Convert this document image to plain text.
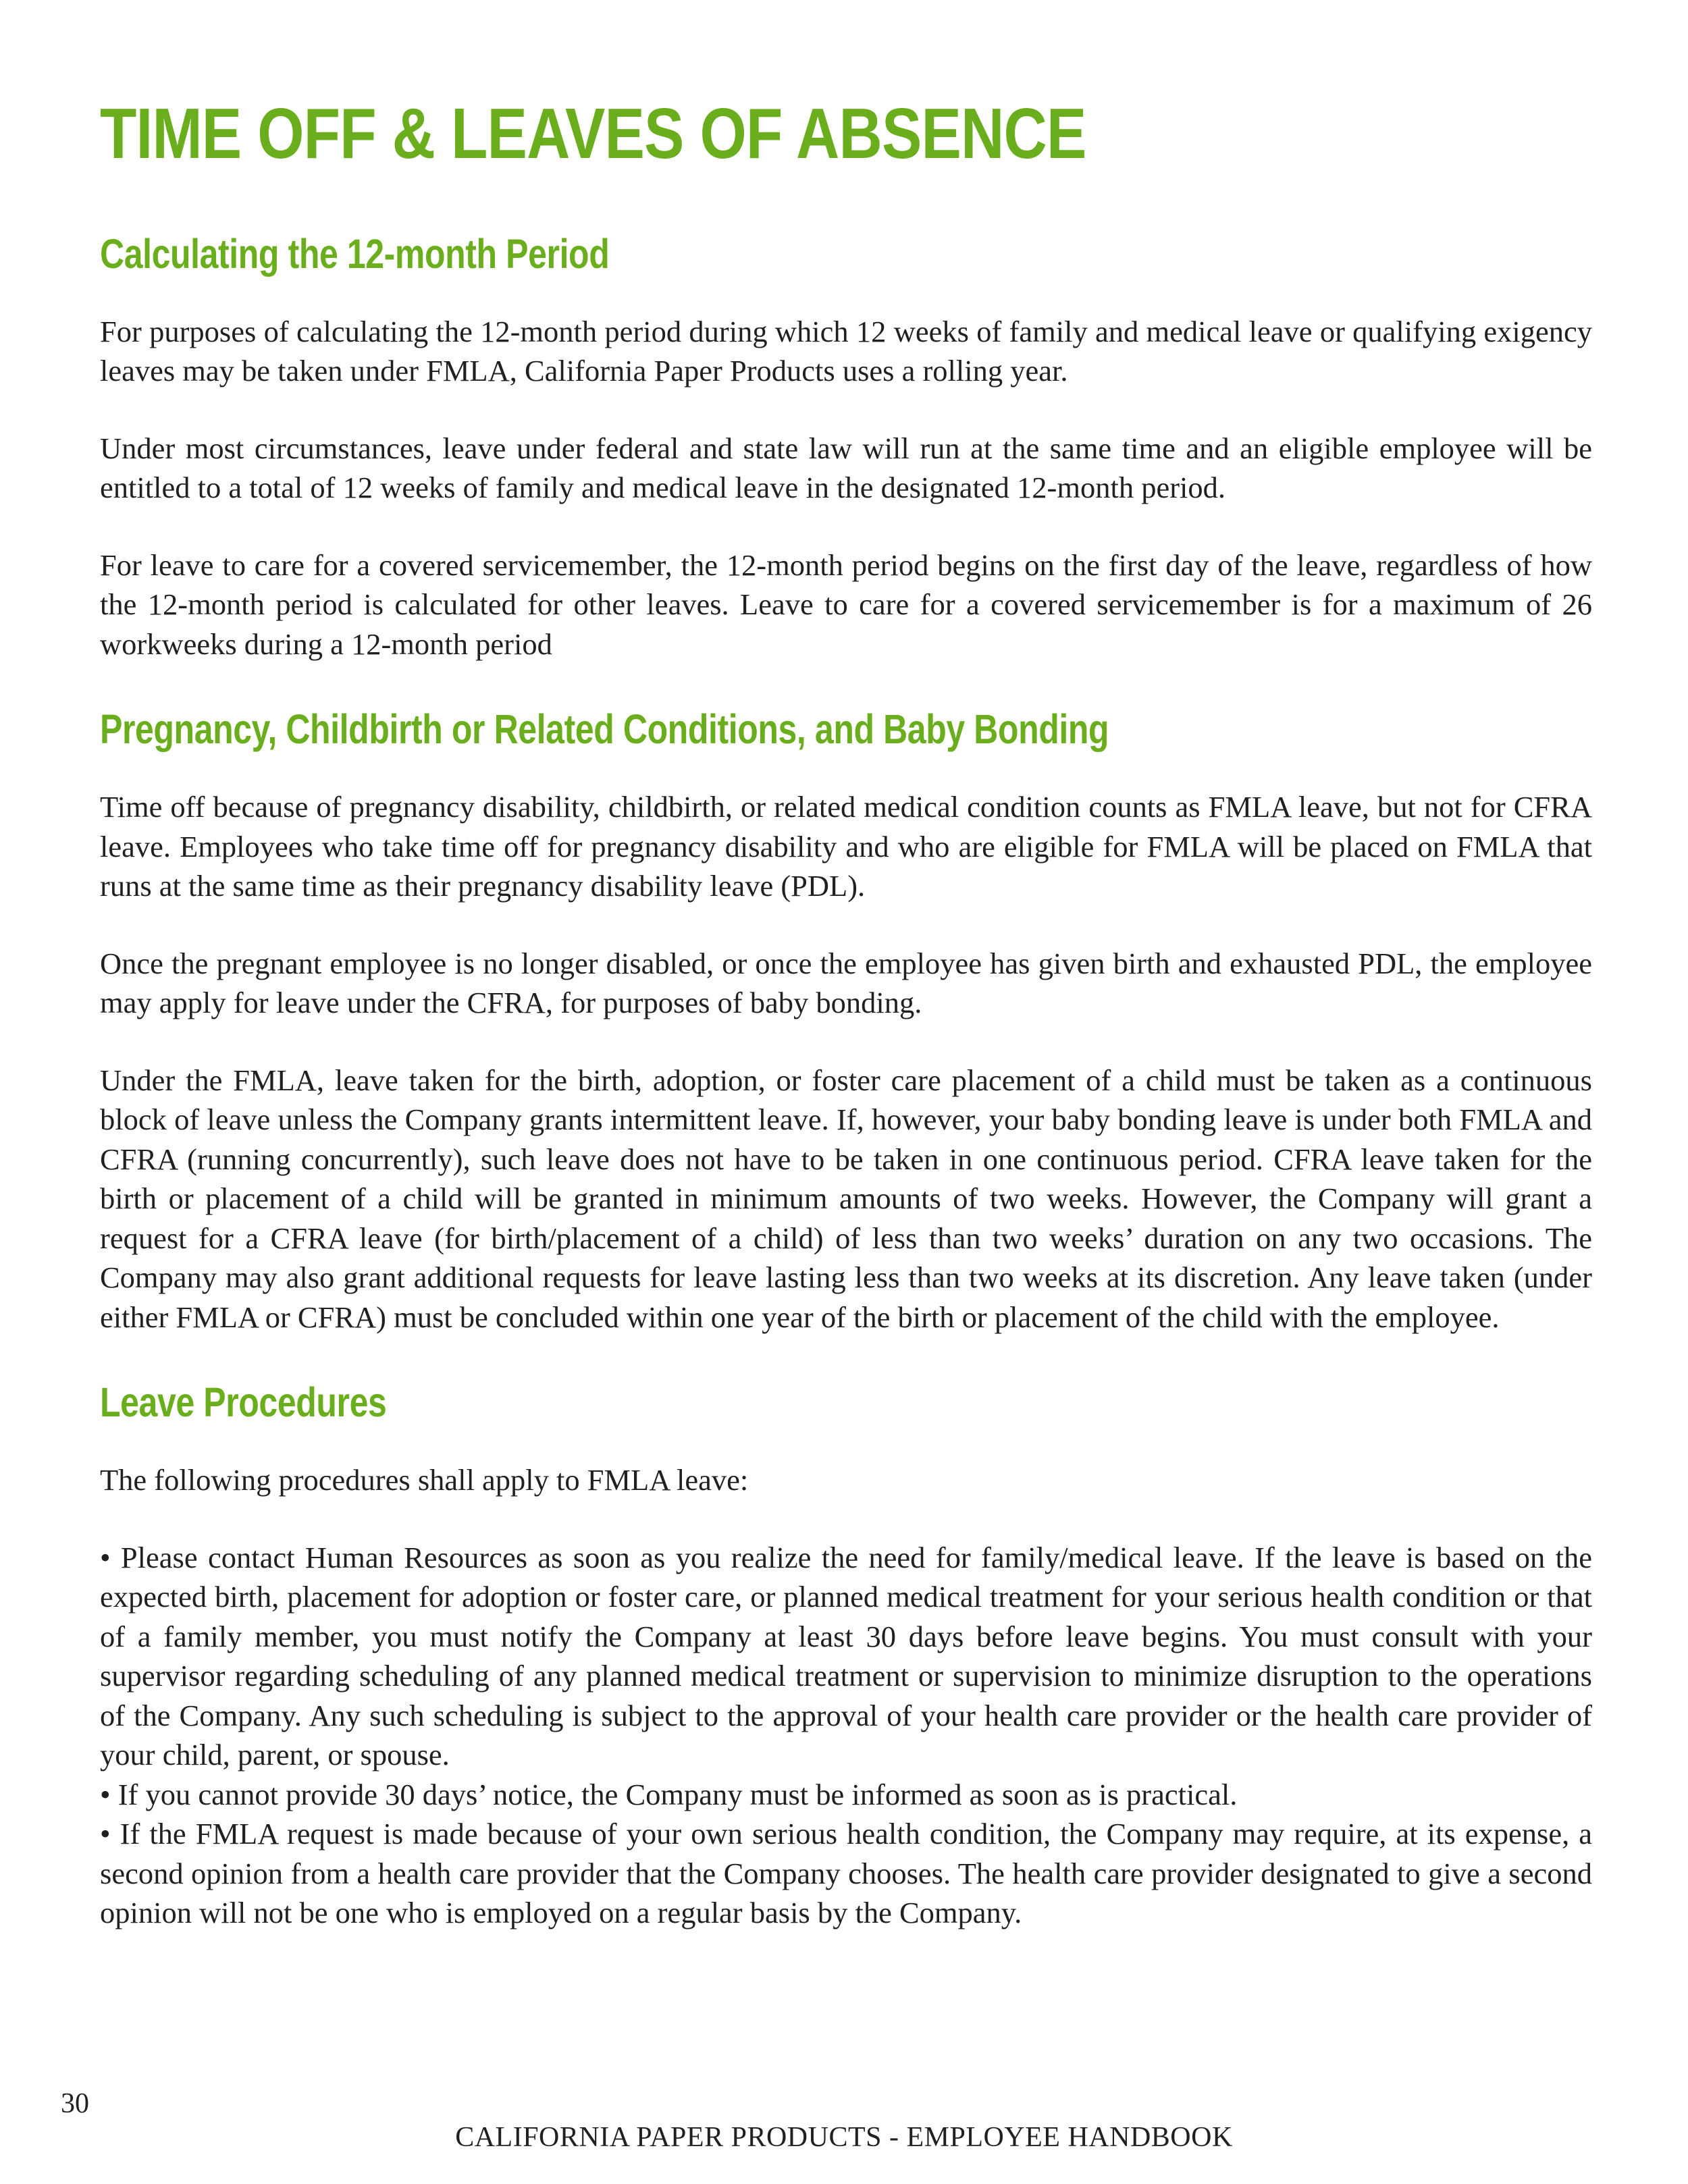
TIME OFF & LEAVES OF ABSENCE
Calculating the 12-month Period

For purposes of calculating the 12-month period during which 12 weeks of family and medical leave or qualifying exigency leaves may be taken under FMLA, California Paper Products uses a rolling year.

Under most circumstances, leave under federal and state law will run at the same time and an eligible employee will be entitled to a total of 12 weeks of family and medical leave in the designated 12-month period.

For leave to care for a covered servicemember, the 12-month period begins on the first day of the leave, regardless of how the 12-month period is calculated for other leaves. Leave to care for a covered servicemember is for a maximum of 26 workweeks during a 12-month period

Pregnancy, Childbirth or Related Conditions, and Baby Bonding

Time off because of pregnancy disability, childbirth, or related medical condition counts as FMLA leave, but not for CFRA leave. Employees who take time off for pregnancy disability and who are eligible for FMLA will be placed on FMLA that runs at the same time as their pregnancy disability leave (PDL).

Once the pregnant employee is no longer disabled, or once the employee has given birth and exhausted PDL, the employee may apply for leave under the CFRA, for purposes of baby bonding.

Under the FMLA, leave taken for the birth, adoption, or foster care placement of a child must be taken as a continuous block of leave unless the Company grants intermittent leave. If, however, your baby bonding leave is under both FMLA and CFRA (running concurrently), such leave does not have to be taken in one continuous period. CFRA leave taken for the birth or placement of a child will be granted in minimum amounts of two weeks. However, the Company will grant a request for a CFRA leave (for birth/placement of a child) of less than two weeks’ duration on any two occasions. The Company may also grant additional requests for leave lasting less than two weeks at its discretion. Any leave taken (under either FMLA or CFRA) must be concluded within one year of the birth or placement of the child with the employee.

Leave Procedures

The following procedures shall apply to FMLA leave:

• Please contact Human Resources as soon as you realize the need for family/medical leave. If the leave is based on the expected birth, placement for adoption or foster care, or planned medical treatment for your serious health condition or that of a family member, you must notify the Company at least 30 days before leave begins. You must consult with your supervisor regarding scheduling of any planned medical treatment or supervision to minimize disruption to the operations of the Company. Any such scheduling is subject to the approval of your health care provider or the health care provider of your child, parent, or spouse.

• If you cannot provide 30 days’ notice, the Company must be informed as soon as is practical.

• If the FMLA request is made because of your own serious health condition, the Company may require, at its expense, a second opinion from a health care provider that the Company chooses. The health care provider designated to give a second opinion will not be one who is employed on a regular basis by the Company.

30
CALIFORNIA PAPER PRODUCTS - EMPLOYEE HANDBOOK
